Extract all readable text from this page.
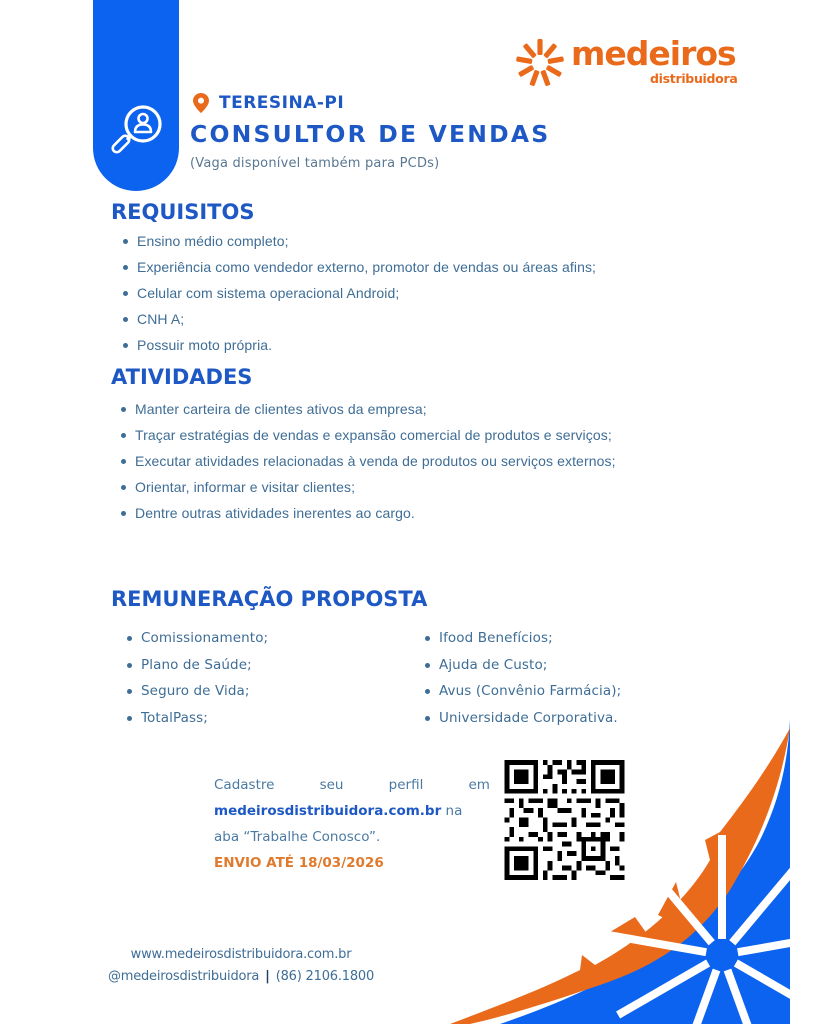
medeiros
distribuidora
TERESINA-PI
CONSULTOR DE VENDAS
(Vaga disponível também para PCDs)
REQUISITOS
Ensino médio completo;
Experiência como vendedor externo, promotor de vendas ou áreas afins;
Celular com sistema operacional Android;
CNH A;
Possuir moto própria.
ATIVIDADES
Manter carteira de clientes ativos da empresa;
Traçar estratégias de vendas e expansão comercial de produtos e serviços;
Executar atividades relacionadas à venda de produtos ou serviços externos;
Orientar, informar e visitar clientes;
Dentre outras atividades inerentes ao cargo.
REMUNERAÇÃO PROPOSTA
Comissionamento;
Plano de Saúde;
Seguro de Vida;
TotalPass;
Ifood Benefícios;
Ajuda de Custo;
Avus (Convênio Farmácia);
Universidade Corporativa.
Cadastre	seu	perfil	em
medeirosdistribuidora.com.br na
aba “Trabalhe Conosco”.
ENVIO ATÉ 18/03/2026
www.medeirosdistribuidora.com.br
@medeirosdistribuidora | (86) 2106.1800
